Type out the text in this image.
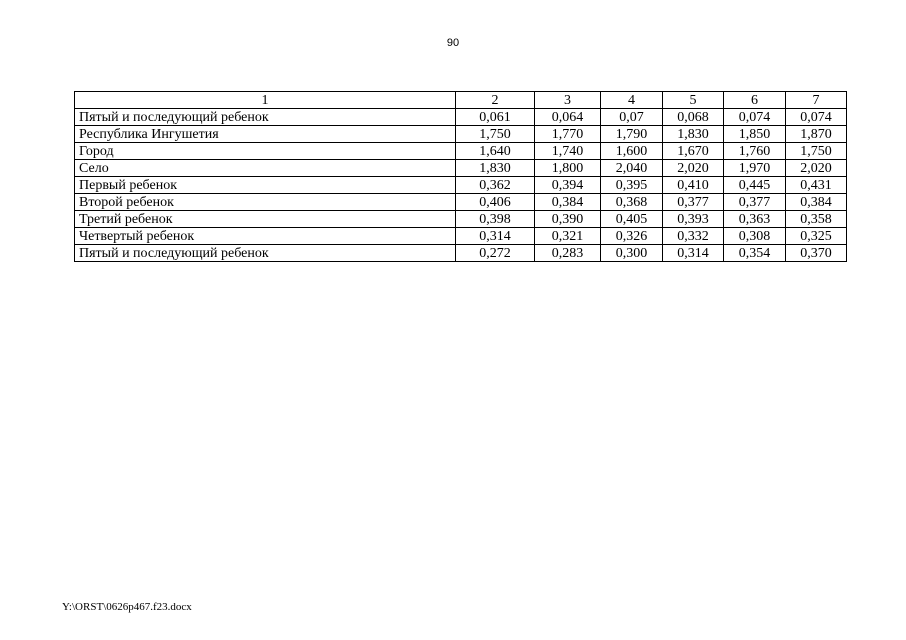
90
1	2	3	4	5	6	7
Пятый и последующий ребенок	0,061	0,064	0,07	0,068	0,074	0,074
Республика Ингушетия	1,750	1,770	1,790	1,830	1,850	1,870
Город	1,640	1,740	1,600	1,670	1,760	1,750
Село	1,830	1,800	2,040	2,020	1,970	2,020
Первый ребенок	0,362	0,394	0,395	0,410	0,445	0,431
Второй ребенок	0,406	0,384	0,368	0,377	0,377	0,384
Третий ребенок	0,398	0,390	0,405	0,393	0,363	0,358
Четвертый ребенок	0,314	0,321	0,326	0,332	0,308	0,325
Пятый и последующий ребенок	0,272	0,283	0,300	0,314	0,354	0,370
Y:\ORST\0626p467.f23.docx
